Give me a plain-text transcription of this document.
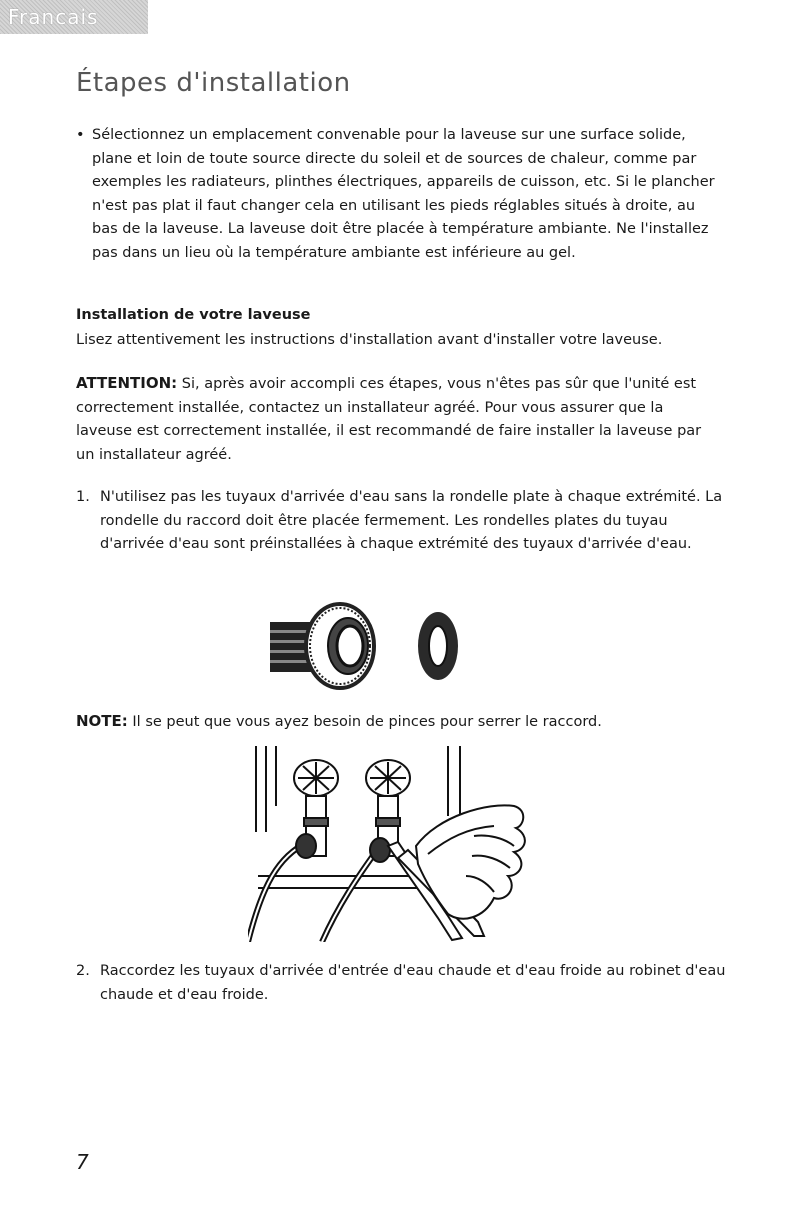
Francais
Étapes d'installation

• Sélectionnez un emplacement convenable pour la laveuse sur une surface solide, plane et loin de toute source directe du soleil et de sources de chaleur, comme par exemples les radiateurs, plinthes électriques, appareils de cuisson, etc. Si le plancher n'est pas plat il faut changer cela en utilisant les pieds réglables situés à droite, au bas de la laveuse. La laveuse doit être placée à température ambiante. Ne l'installez pas dans un lieu où la température ambiante est inférieure au gel.

Installation de votre laveuse

Lisez attentivement les instructions d'installation avant d'installer votre laveuse.

ATTENTION: Si, après avoir accompli ces étapes, vous n'êtes pas sûr que l'unité est correctement installée, contactez un installateur agréé. Pour vous assurer que la laveuse est correctement installée, il est recommandé de faire installer la laveuse par un installateur agréé.

1. N'utilisez pas les tuyaux d'arrivée d'eau sans la rondelle plate à chaque extrémité. La rondelle du raccord doit être placée fermement. Les rondelles plates du tuyau d'arrivée d'eau sont préinstallées à chaque extrémité des tuyaux d'arrivée d'eau.

NOTE: Il se peut que vous ayez besoin de pinces pour serrer le raccord.

2. Raccordez les tuyaux d'arrivée d'entrée d'eau chaude et d'eau froide au robinet d'eau chaude et d'eau froide.

7
